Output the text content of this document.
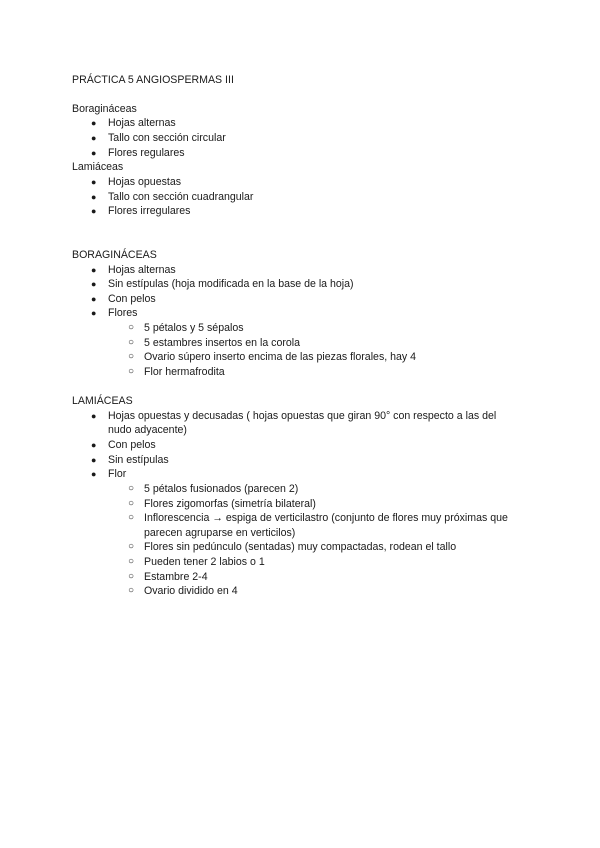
PRÁCTICA 5 ANGIOSPERMAS III
Boragináceas
● Hojas alternas
● Tallo con sección circular
● Flores regulares
Lamiáceas
● Hojas opuestas
● Tallo con sección cuadrangular
● Flores irregulares
BORAGINÁCEAS
● Hojas alternas
● Sin estípulas (hoja modificada en la base de la hoja)
● Con pelos
● Flores
○ 5 pétalos y 5 sépalos
○ 5 estambres insertos en la corola
○ Ovario súpero inserto encima de las piezas florales, hay 4
○ Flor hermafrodita
LAMIÁCEAS
● Hojas opuestas y decusadas ( hojas opuestas que giran 90° con respecto a las del
nudo adyacente)
● Con pelos
● Sin estípulas
● Flor
○ 5 pétalos fusionados (parecen 2)
○ Flores zigomorfas (simetría bilateral)
○ Inflorescencia → espiga de verticilastro (conjunto de flores muy próximas que
parecen agruparse en verticilos)
○ Flores sin pedúnculo (sentadas) muy compactadas, rodean el tallo
○ Pueden tener 2 labios o 1
○ Estambre 2-4
○ Ovario dividido en 4
